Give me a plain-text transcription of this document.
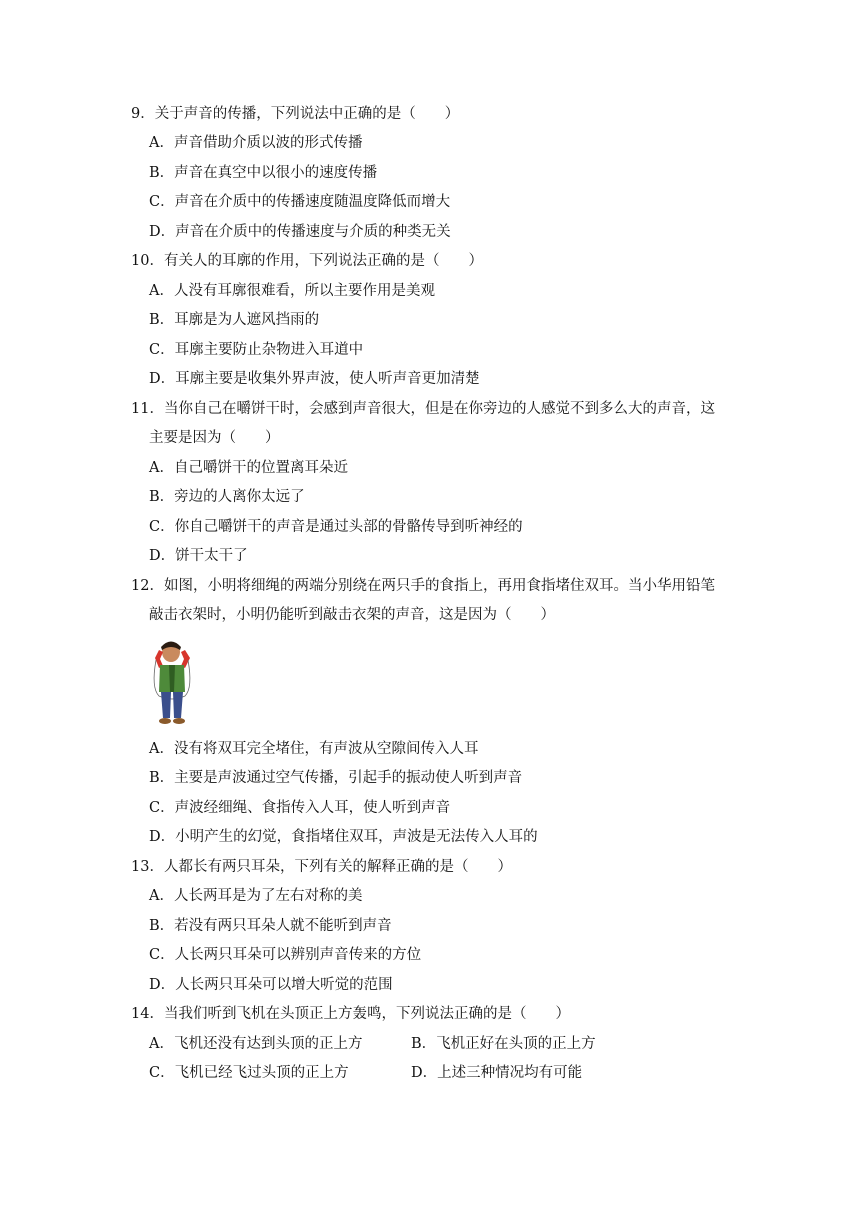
9．关于声音的传播，下列说法中正确的是（　　）
A．声音借助介质以波的形式传播
B．声音在真空中以很小的速度传播
C．声音在介质中的传播速度随温度降低而增大
D．声音在介质中的传播速度与介质的种类无关
10．有关人的耳廓的作用，下列说法正确的是（　　）
A．人没有耳廓很难看，所以主要作用是美观
B．耳廓是为人遮风挡雨的
C．耳廓主要防止杂物进入耳道中
D．耳廓主要是收集外界声波，使人听声音更加清楚
11．当你自己在嚼饼干时，会感到声音很大，但是在你旁边的人感觉不到多么大的声音，这
主要是因为（　　）
A．自己嚼饼干的位置离耳朵近
B．旁边的人离你太远了
C．你自己嚼饼干的声音是通过头部的骨骼传导到听神经的
D．饼干太干了
12．如图，小明将细绳的两端分别绕在两只手的食指上，再用食指堵住双耳。当小华用铅笔
敲击衣架时，小明仍能听到敲击衣架的声音，这是因为（　　）
A．没有将双耳完全堵住，有声波从空隙间传入人耳
B．主要是声波通过空气传播，引起手的振动使人听到声音
C．声波经细绳、食指传入人耳，使人听到声音
D．小明产生的幻觉，食指堵住双耳，声波是无法传入人耳的
13．人都长有两只耳朵，下列有关的解释正确的是（　　）
A．人长两耳是为了左右对称的美
B．若没有两只耳朵人就不能听到声音
C．人长两只耳朵可以辨别声音传来的方位
D．人长两只耳朵可以增大听觉的范围
14．当我们听到飞机在头顶正上方轰鸣，下列说法正确的是（　　）
A．飞机还没有达到头顶的正上方	B．飞机正好在头顶的正上方
C．飞机已经飞过头顶的正上方	D．上述三种情况均有可能
